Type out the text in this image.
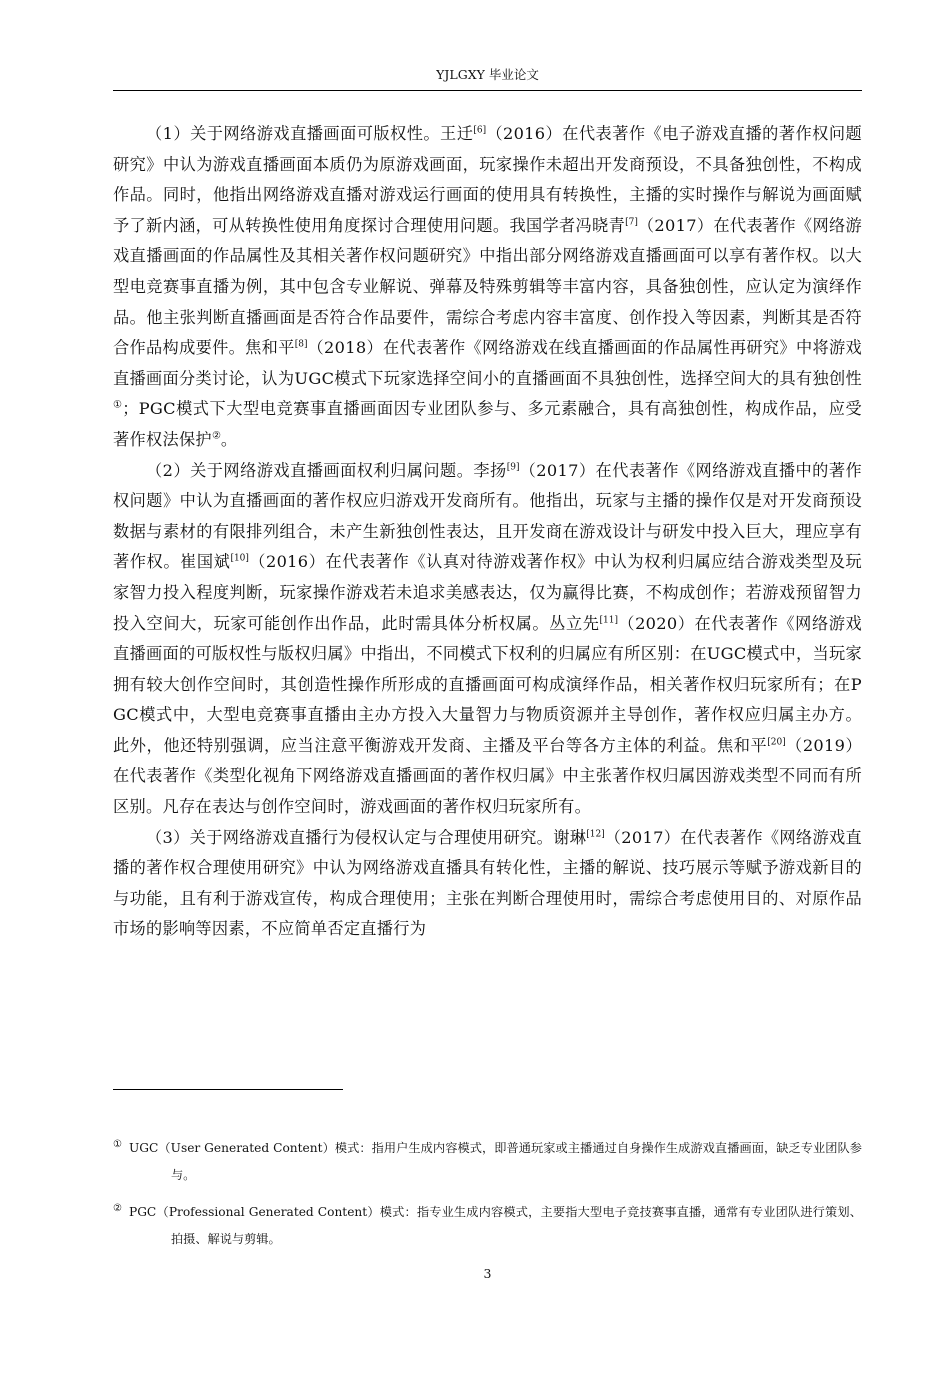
YJLGXY 毕业论文

（1）关于网络游戏直播画面可版权性。王迁[6]（2016）在代表著作《电子游戏直播的著作权问题研究》中认为游戏直播画面本质仍为原游戏画面，玩家操作未超出开发商预设，不具备独创性，不构成作品。同时，他指出网络游戏直播对游戏运行画面的使用具有转换性，主播的实时操作与解说为画面赋予了新内涵，可从转换性使用角度探讨合理使用问题。我国学者冯晓青[7]（2017）在代表著作《网络游戏直播画面的作品属性及其相关著作权问题研究》中指出部分网络游戏直播画面可以享有著作权。以大型电竞赛事直播为例，其中包含专业解说、弹幕及特殊剪辑等丰富内容，具备独创性，应认定为演绎作品。他主张判断直播画面是否符合作品要件，需综合考虑内容丰富度、创作投入等因素，判断其是否符合作品构成要件。焦和平[8]（2018）在代表著作《网络游戏在线直播画面的作品属性再研究》中将游戏直播画面分类讨论，认为UGC模式下玩家选择空间小的直播画面不具独创性，选择空间大的具有独创性①；PGC模式下大型电竞赛事直播画面因专业团队参与、多元素融合，具有高独创性，构成作品，应受著作权法保护②。

（2）关于网络游戏直播画面权利归属问题。李扬[9]（2017）在代表著作《网络游戏直播中的著作权问题》中认为直播画面的著作权应归游戏开发商所有。他指出，玩家与主播的操作仅是对开发商预设数据与素材的有限排列组合，未产生新独创性表达，且开发商在游戏设计与研发中投入巨大，理应享有著作权。崔国斌[10]（2016）在代表著作《认真对待游戏著作权》中认为权利归属应结合游戏类型及玩家智力投入程度判断，玩家操作游戏若未追求美感表达，仅为赢得比赛，不构成创作；若游戏预留智力投入空间大，玩家可能创作出作品，此时需具体分析权属。丛立先[11]（2020）在代表著作《网络游戏直播画面的可版权性与版权归属》中指出，不同模式下权利的归属应有所区别：在UGC模式中，当玩家拥有较大创作空间时，其创造性操作所形成的直播画面可构成演绎作品，相关著作权归玩家所有；在PGC模式中，大型电竞赛事直播由主办方投入大量智力与物质资源并主导创作，著作权应归属主办方。此外，他还特别强调，应当注意平衡游戏开发商、主播及平台等各方主体的利益。焦和平[20]（2019）在代表著作《类型化视角下网络游戏直播画面的著作权归属》中主张著作权归属因游戏类型不同而有所区别。凡存在表达与创作空间时，游戏画面的著作权归玩家所有。

（3）关于网络游戏直播行为侵权认定与合理使用研究。谢琳[12]（2017）在代表著作《网络游戏直播的著作权合理使用研究》中认为网络游戏直播具有转化性，主播的解说、技巧展示等赋予游戏新目的与功能，且有利于游戏宣传，构成合理使用；主张在判断合理使用时，需综合考虑使用目的、对原作品市场的影响等因素，不应简单否定直播行为

① UGC（User Generated Content）模式：指用户生成内容模式，即普通玩家或主播通过自身操作生成游戏直播画面，缺乏专业团队参与。
② PGC（Professional Generated Content）模式：指专业生成内容模式，主要指大型电子竞技赛事直播，通常有专业团队进行策划、拍摄、解说与剪辑。
3
